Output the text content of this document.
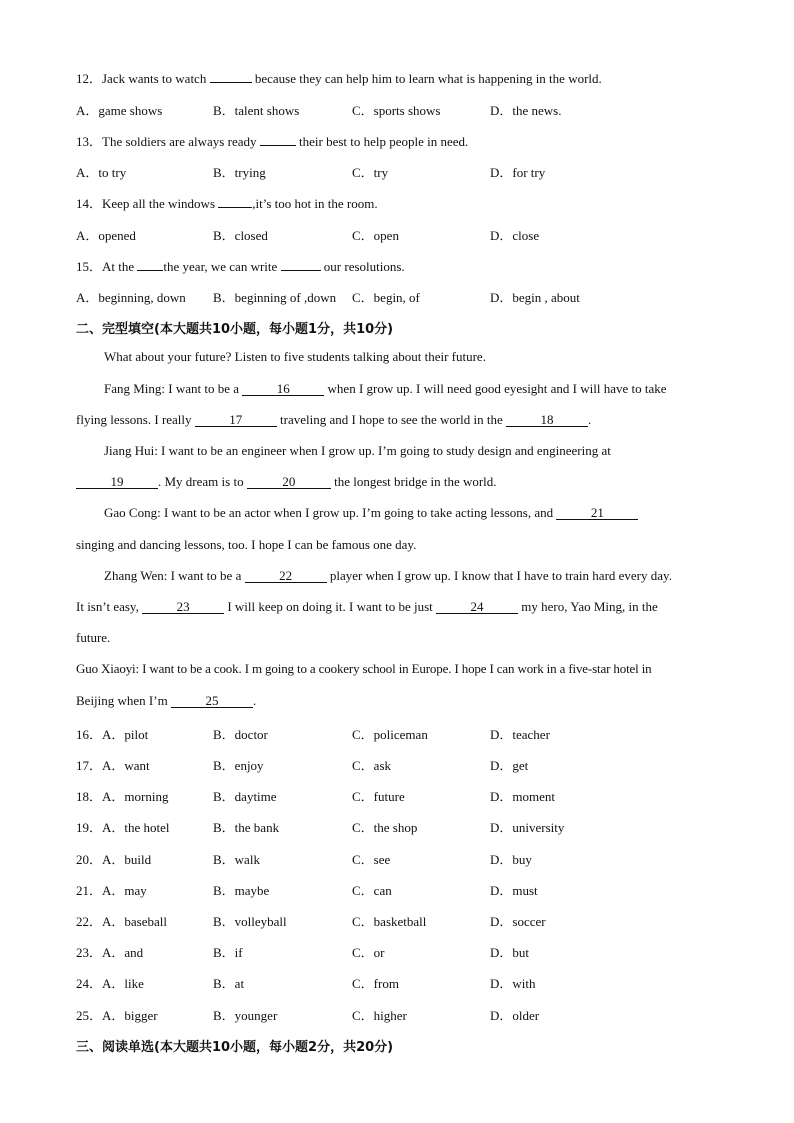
12．Jack wants to watch	because they can help him to learn what is happening in the world.
A．game shows	B．talent shows	C．sports shows	D．the news.
13．The soldiers are always ready	their best to help people in need.
A．to try	B．trying	C．try	D．for try
14．Keep all the windows	,it’s too hot in the room.
A．opened	B．closed	C．open	D．close
15．At the the year, we can write	our resolutions.
A．beginning, down B．beginning of ,down C．begin, of	D．begin , about
二、完型填空(本大题共10小题，每小题1分，共10分)
What about your future? Listen to five students talking about their future.
Fang Ming: I want to be a	16	when I grow up. I will need good eyesight and I will have to take
flying lessons. I really	17	traveling and I hope to see the world in the	18	.
Jiang Hui: I want to be an engineer when I grow up. I’m going to study design and engineering at
19	. My dream is to	20	the longest bridge in the world.
Gao Cong: I want to be an actor when I grow up. I’m going to take acting lessons, and	21
singing and dancing lessons, too. I hope I can be famous one day.
Zhang Wen: I want to be a	22	player when I grow up. I know that I have to train hard every day.
It isn’t easy,	23	I will keep on doing it. I want to be just	24	my hero, Yao Ming, in the
future.
Guo Xiaoyi: I want to be a cook. I m going to a cookery school in Europe. I hope I can work in a five-star hotel in
Beijing when I’m	25	.
16．A．pilot	B．doctor	C．policeman	D．teacher
17．A．want	B．enjoy	C．ask	D．get
18．A．morning	B．daytime	C．future	D．moment
19．A．the hotel	B．the bank	C．the shop	D．university
20．A．build	B．walk	C．see	D．buy
21．A．may	B．maybe	C．can	D．must
22．A．baseball	B．volleyball	C．basketball	D．soccer
23．A．and	B．if	C．or	D．but
24．A．like	B．at	C．from	D．with
25．A．bigger	B．younger	C．higher	D．older
三、阅读单选(本大题共10小题，每小题2分，共20分)
